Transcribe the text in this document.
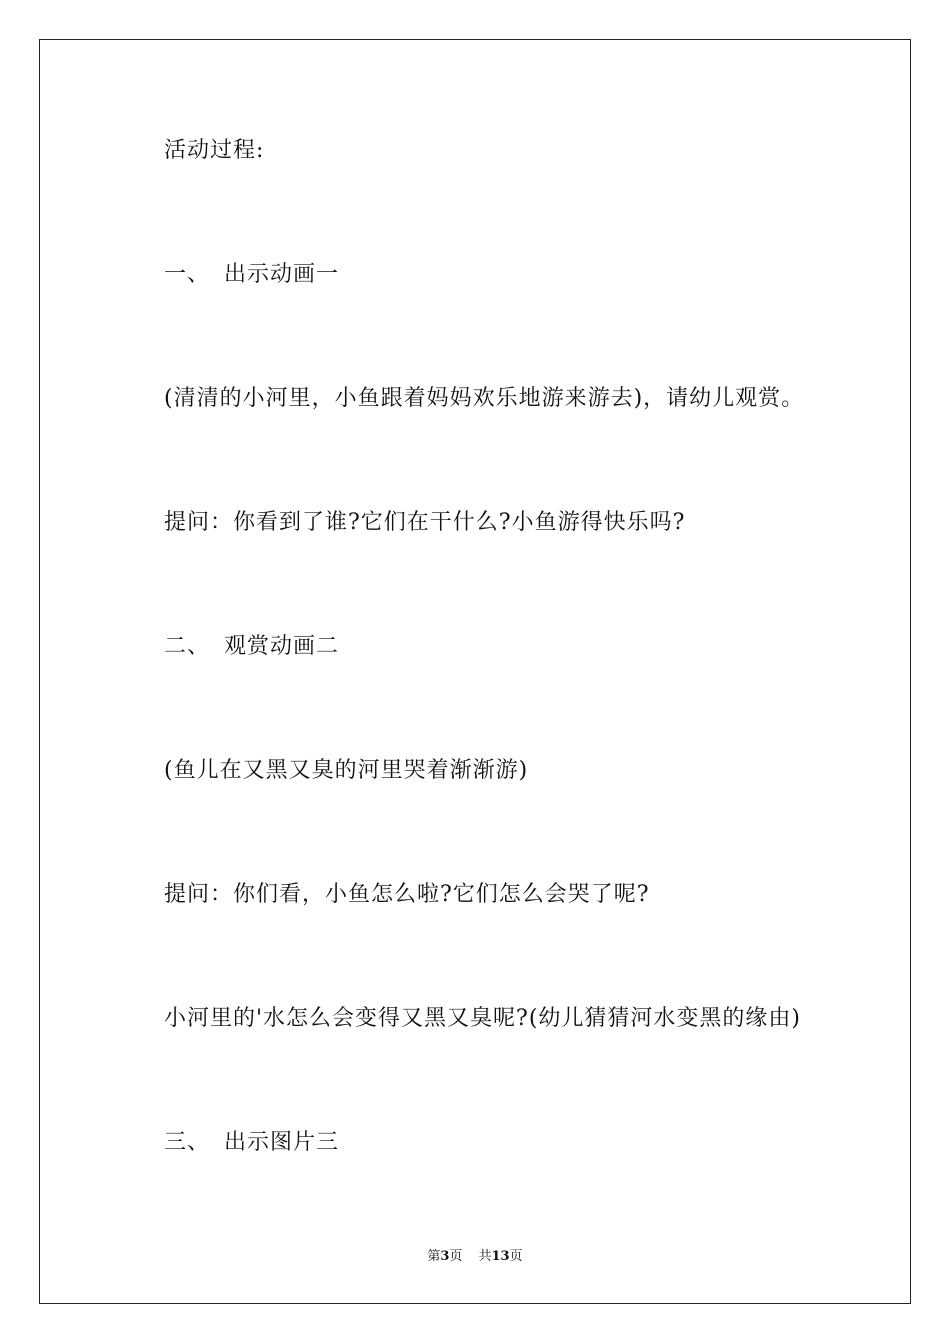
活动过程:
一、 出示动画一
(清清的小河里，小鱼跟着妈妈欢乐地游来游去)，请幼儿观赏。
提问：你看到了谁?它们在干什么?小鱼游得快乐吗?
二、 观赏动画二
(鱼儿在又黑又臭的河里哭着渐渐游)
提问：你们看，小鱼怎么啦?它们怎么会哭了呢?
小河里的'水怎么会变得又黑又臭呢?(幼儿猜猜河水变黑的缘由)
三、 出示图片三
第3页 共13页
